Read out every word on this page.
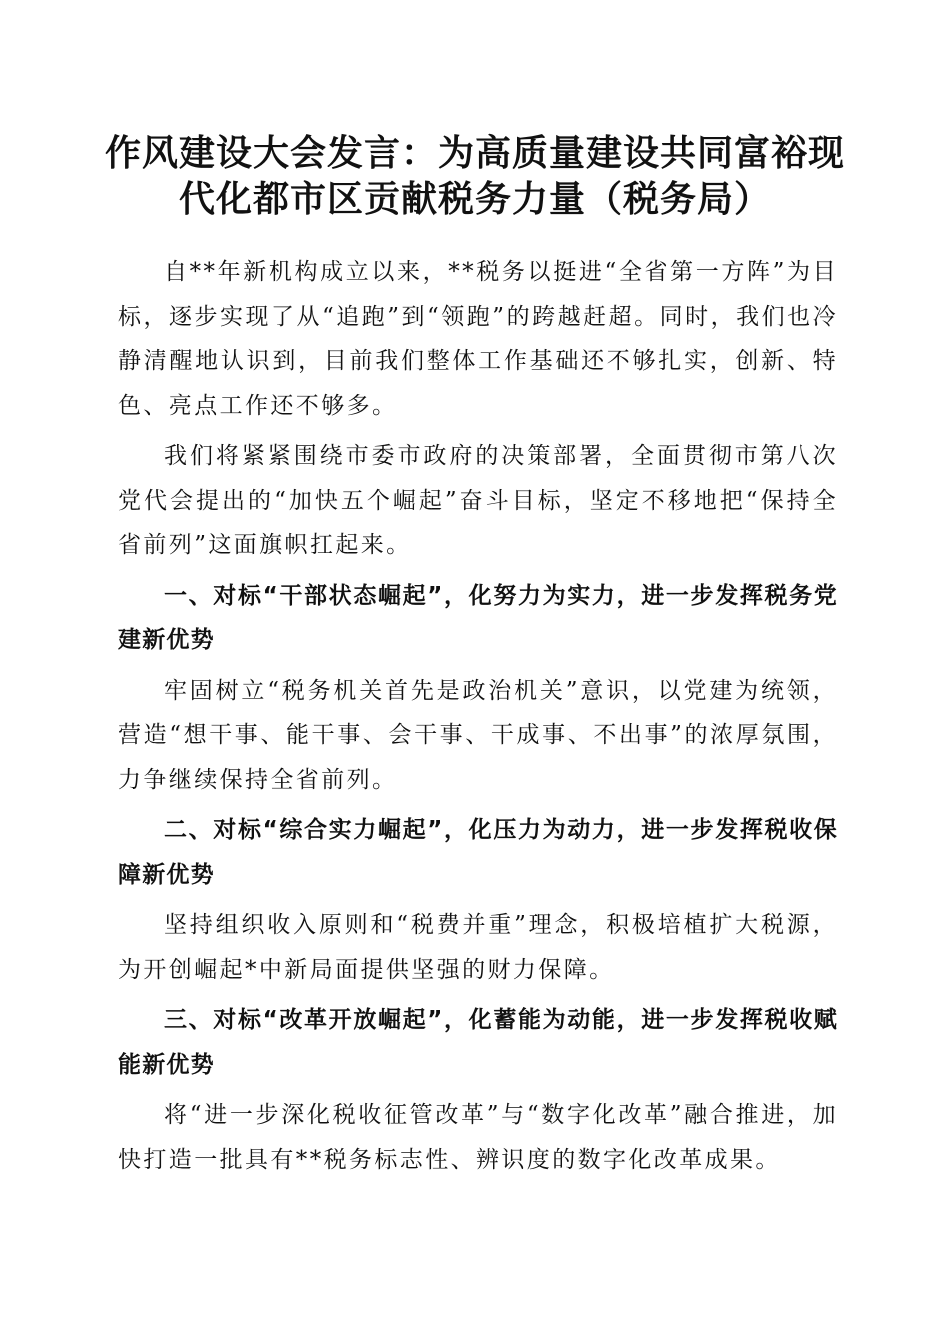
作风建设大会发言：为高质量建设共同富裕现
代化都市区贡献税务力量（税务局）

自**年新机构成立以来，**税务以挺进“全省第一方阵”为目标，逐步实现了从“追跑”到“领跑”的跨越赶超。同时，我们也冷静清醒地认识到，目前我们整体工作基础还不够扎实，创新、特色、亮点工作还不够多。

我们将紧紧围绕市委市政府的决策部署，全面贯彻市第八次党代会提出的“加快五个崛起”奋斗目标，坚定不移地把“保持全省前列”这面旗帜扛起来。

一、对标“干部状态崛起”，化努力为实力，进一步发挥税务党建新优势

牢固树立“税务机关首先是政治机关”意识，以党建为统领，营造“想干事、能干事、会干事、干成事、不出事”的浓厚氛围，力争继续保持全省前列。

二、对标“综合实力崛起”，化压力为动力，进一步发挥税收保障新优势

坚持组织收入原则和“税费并重”理念，积极培植扩大税源，为开创崛起*中新局面提供坚强的财力保障。

三、对标“改革开放崛起”，化蓄能为动能，进一步发挥税收赋能新优势

将“进一步深化税收征管改革”与“数字化改革”融合推进，加快打造一批具有**税务标志性、辨识度的数字化改革成果。
